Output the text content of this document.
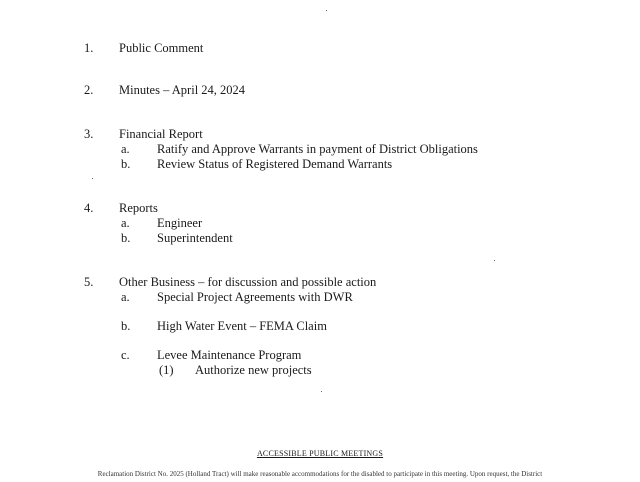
1. Public Comment
2. Minutes – April 24, 2024
3. Financial Report
a. Ratify and Approve Warrants in payment of District Obligations
b. Review Status of Registered Demand Warrants
4. Reports
a. Engineer
b. Superintendent
5. Other Business – for discussion and possible action
a. Special Project Agreements with DWR
b. High Water Event – FEMA Claim
c. Levee Maintenance Program
(1) Authorize new projects
ACCESSIBLE PUBLIC MEETINGS
Reclamation District No. 2025 (Holland Tract) will make reasonable accommodations for the disabled to participate in this meeting. Upon request, the District
